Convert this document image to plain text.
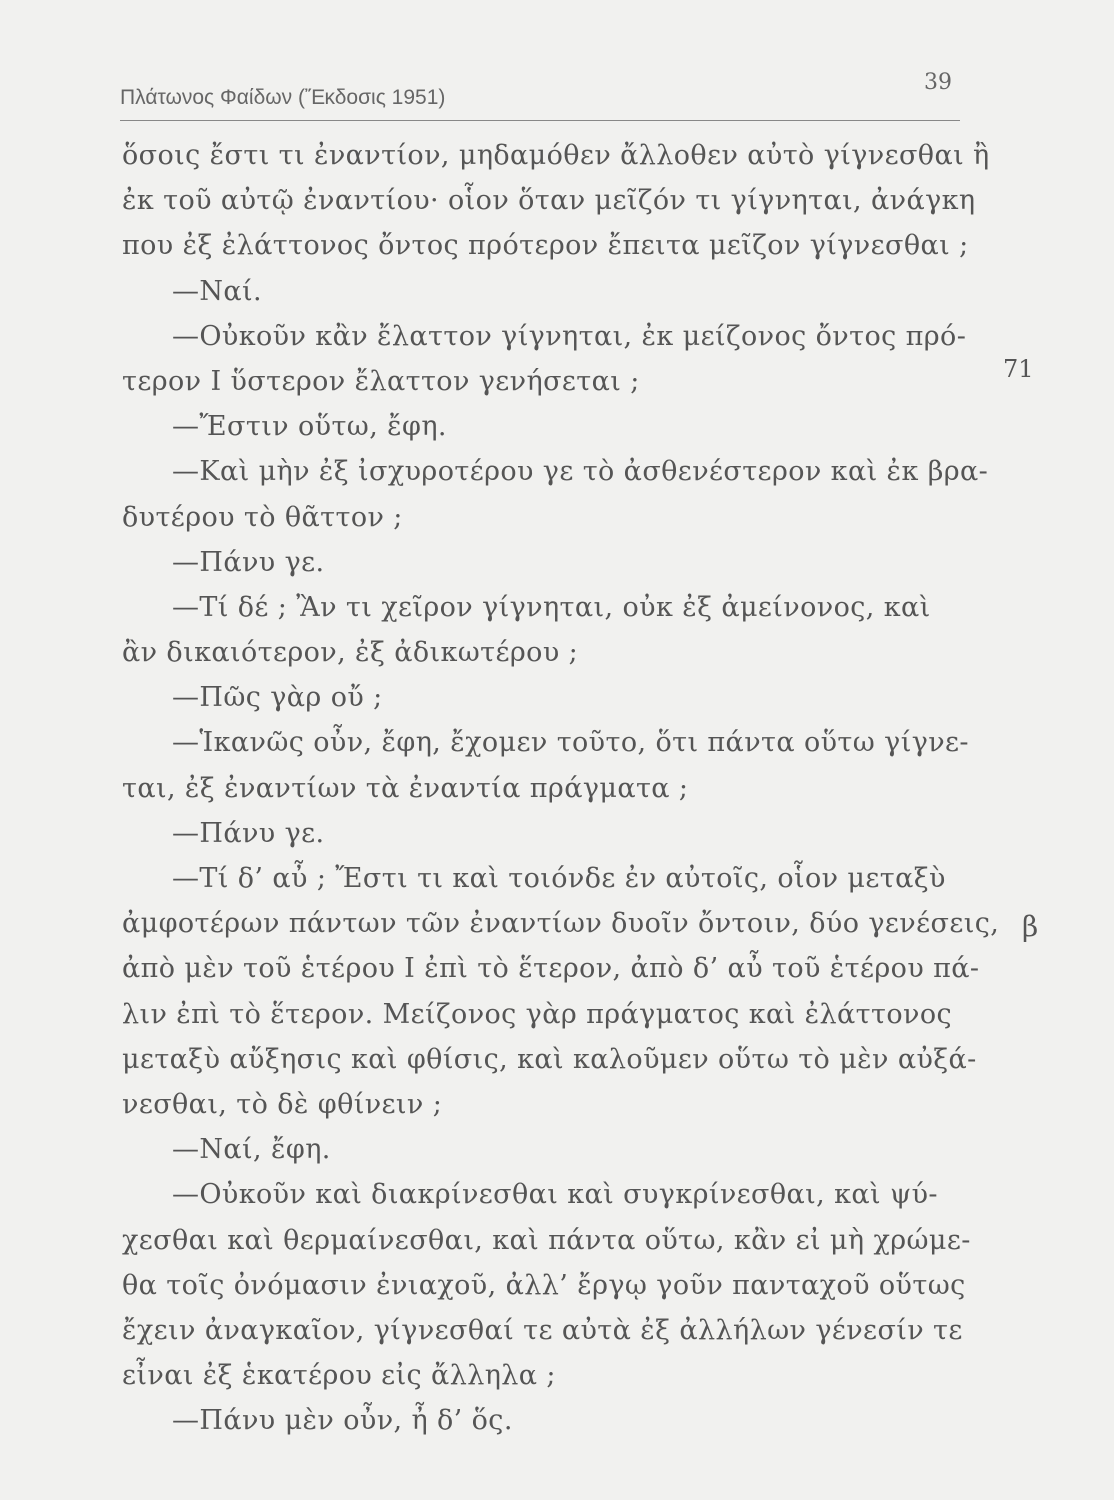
Πλάτωνος Φαίδων (Ἔκδοσις 1951)
39
ὅσοις ἔστι τι ἐναντίον, μηδαμόθεν ἄλλοθεν αὐτὸ γίγνεσθαι ἢ
ἐκ τοῦ αὐτῷ ἐναντίου· οἷον ὅταν μεῖζόν τι γίγνηται, ἀνάγκη
που ἐξ ἐλάττονος ὄντος πρότερον ἔπειτα μεῖζον γίγνεσθαι ;
—Ναί.
—Οὐκοῦν κἂν ἔλαττον γίγνηται, ἐκ μείζονος ὄντος πρό-
τερον Ι ὕστερον ἔλαττον γενήσεται ;
—Ἔστιν οὕτω, ἔφη.
—Καὶ μὴν ἐξ ἰσχυροτέρου γε τὸ ἀσθενέστερον καὶ ἐκ βρα-
δυτέρου τὸ θᾶττον ;
—Πάνυ γε.
—Τί δέ ; Ἂν τι χεῖρον γίγνηται, οὐκ ἐξ ἀμείνονος, καὶ
ἂν δικαιότερον, ἐξ ἀδικωτέρου ;
—Πῶς γὰρ οὔ ;
—Ἱκανῶς οὖν, ἔφη, ἔχομεν τοῦτο, ὅτι πάντα οὕτω γίγνε-
ται, ἐξ ἐναντίων τὰ ἐναντία πράγματα ;
—Πάνυ γε.
—Τί δ’ αὖ ; Ἔστι τι καὶ τοιόνδε ἐν αὐτοῖς, οἷον μεταξὺ
ἀμφοτέρων πάντων τῶν ἐναντίων δυοῖν ὄντοιν, δύο γενέσεις,
ἀπὸ μὲν τοῦ ἑτέρου Ι ἐπὶ τὸ ἕτερον, ἀπὸ δ’ αὖ τοῦ ἑτέρου πά-
λιν ἐπὶ τὸ ἕτερον. Μείζονος γὰρ πράγματος καὶ ἐλάττονος
μεταξὺ αὔξησις καὶ φθίσις, καὶ καλοῦμεν οὕτω τὸ μὲν αὐξά-
νεσθαι, τὸ δὲ φθίνειν ;
—Ναί, ἔφη.
—Οὐκοῦν καὶ διακρίνεσθαι καὶ συγκρίνεσθαι, καὶ ψύ-
χεσθαι καὶ θερμαίνεσθαι, καὶ πάντα οὕτω, κἂν εἰ μὴ χρώμε-
θα τοῖς ὀνόμασιν ἐνιαχοῦ, ἀλλ’ ἔργῳ γοῦν πανταχοῦ οὕτως
ἔχειν ἀναγκαῖον, γίγνεσθαί τε αὐτὰ ἐξ ἀλλήλων γένεσίν τε
εἶναι ἐξ ἑκατέρου εἰς ἄλληλα ;
—Πάνυ μὲν οὖν, ἦ δ’ ὅς.
71
β
